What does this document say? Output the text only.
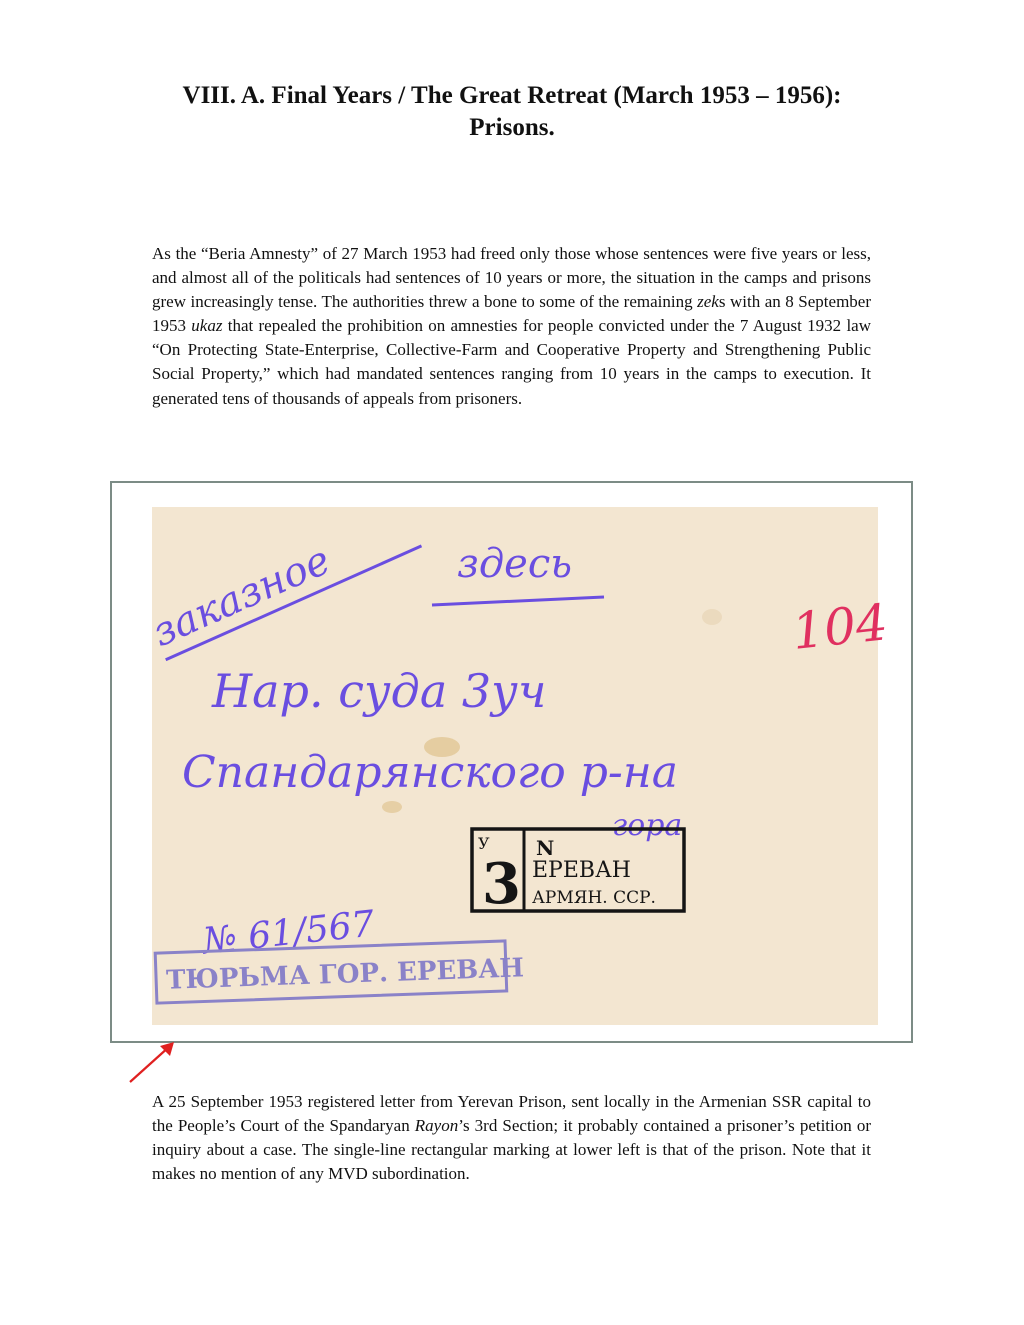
VIII. A. Final Years / The Great Retreat (March 1953 – 1956):
Prisons.

As the “Beria Amnesty” of 27 March 1953 had freed only those whose sentences were five years or less, and almost all of the politicals had sentences of 10 years or more, the situation in the camps and prisons grew increasingly tense. The authorities threw a bone to some of the remaining zeks with an 8 September 1953 ukaz that repealed the prohibition on amnesties for people convicted under the 7 August 1932 law “On Protecting State-Enterprise, Collective-Farm and Cooperative Property and Strengthening Public Social Property,” which had mandated sentences ranging from 10 years in the camps to execution. It generated tens of thousands of appeals from prisoners.

заказное	здесь
104
Нар. суда 3уч
Спандарянского р-на
гора
У
3
N
ЕРЕВАН
АРМЯН. ССР.
№ 61/567
ТЮРЬМА ГОР. ЕРЕВАН

A 25 September 1953 registered letter from Yerevan Prison, sent locally in the Armenian SSR capital to the People’s Court of the Spandaryan Rayon’s 3rd Section; it probably contained a prisoner’s petition or inquiry about a case. The single-line rectangular marking at lower left is that of the prison. Note that it makes no mention of any MVD subordination.
